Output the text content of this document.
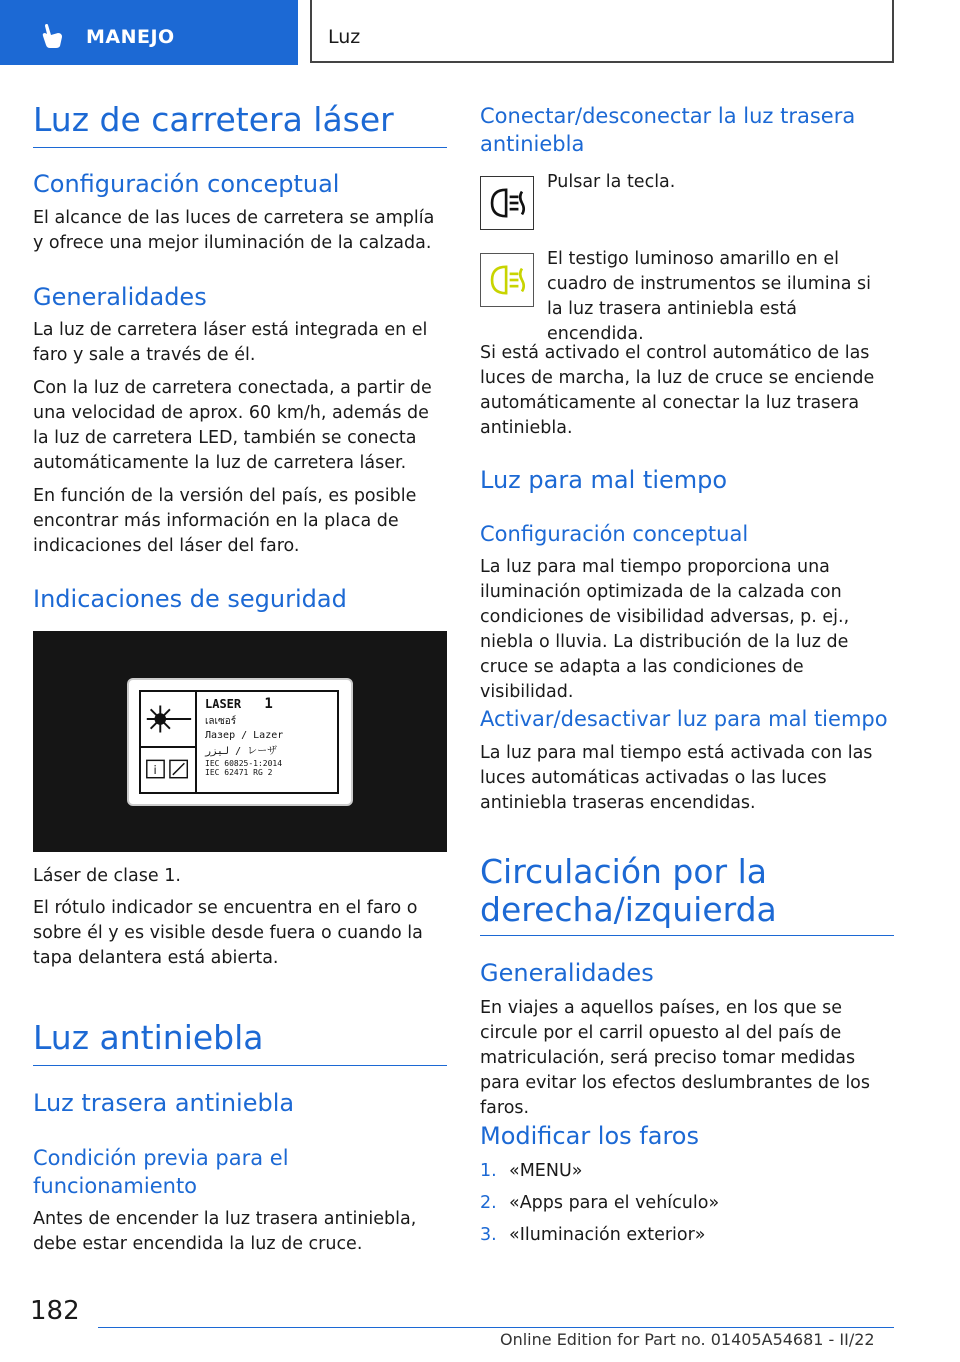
MANEJO	Luz
Luz de carretera láser
Configuración conceptual

El alcance de las luces de carretera se amplía y ofrece una mejor iluminación de la calzada.

Generalidades

La luz de carretera láser está integrada en el faro y sale a través de él.

Con la luz de carretera conectada, a partir de una velocidad de aprox. 60 km/h, además de la luz de carretera LED, también se conecta automáticamente la luz de carretera láser.

En función de la versión del país, es posible encontrar más información en la placa de indicaciones del láser del faro.

Indicaciones de seguridad
i
LASER 1
เลเซอร์
Лазер / Lazer
ليزر / レーザ
IEC 60825-1:2014
IEC 62471 RG 2

Láser de clase 1.

El rótulo indicador se encuentra en el faro o sobre él y es visible desde fuera o cuando la tapa delantera está abierta.

Luz antiniebla
Luz trasera antiniebla
Condición previa para el funcionamiento

Antes de encender la luz trasera antiniebla, debe estar encendida la luz de cruce.

Conectar/desconectar la luz trasera antiniebla

Pulsar la tecla.

El testigo luminoso amarillo en el cuadro de instrumentos se ilumina si la luz trasera antiniebla está encendida.

Si está activado el control automático de las luces de marcha, la luz de cruce se enciende automáticamente al conectar la luz trasera antiniebla.

Luz para mal tiempo
Configuración conceptual

La luz para mal tiempo proporciona una iluminación optimizada de la calzada con condiciones de visibilidad adversas, p. ej., niebla o lluvia. La distribución de la luz de cruce se adapta a las condiciones de visibilidad.

Activar/desactivar luz para mal tiempo

La luz para mal tiempo está activada con las luces automáticas activadas o las luces antiniebla traseras encendidas.

Circulación por la derecha/izquierda
Generalidades

En viajes a aquellos países, en los que se circule por el carril opuesto al del país de matriculación, será preciso tomar medidas para evitar los efectos deslumbrantes de los faros.

Modificar los faros
1. «MENU»
2. «Apps para el vehículo»
3. «Iluminación exterior»
182
Online Edition for Part no. 01405A54681 - II/22
